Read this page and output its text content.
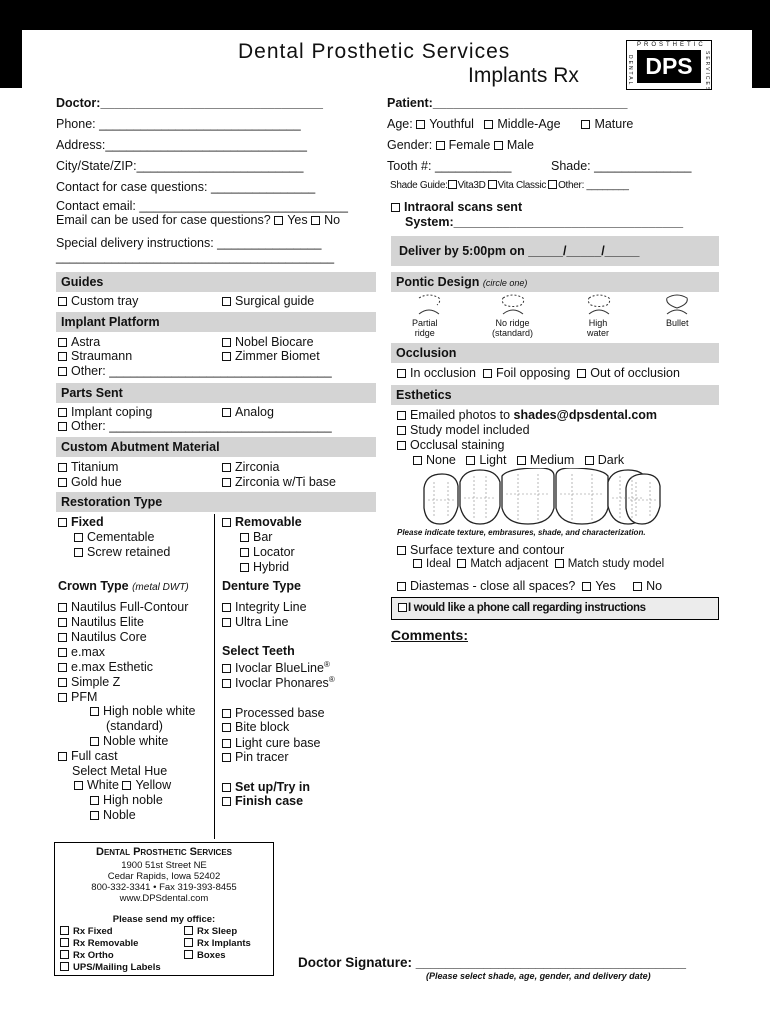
Dental Prosthetic Services
Implants Rx
PROSTHETIC
DPS
DENTAL	SERVICES
Doctor:________________________________
Phone: _____________________________
Address:_____________________________
City/State/ZIP:________________________
Contact for case questions: _______________
Contact email: ______________________________
Email can be used for case questions? Yes No
Special delivery instructions: _______________
________________________________________
Patient:____________________________
Age: Youthful Middle-Age	Mature
Gender: Female Male
Tooth #: ___________	Shade: ______________
Shade Guide: Vita3D Vita Classic Other: ________
Intraoral scans sent
System:_________________________________
Deliver by 5:00pm on _____/_____/_____
Guides
Custom tray	Surgical guide
Implant Platform
Astra	Nobel Biocare
Straumann	Zimmer Biomet
Other: ________________________________
Parts Sent
Implant coping	Analog
Other: ________________________________
Custom Abutment Material
Titanium	Zirconia
Gold hue	Zirconia w/Ti base
Restoration Type
Fixed
Cementable
Screw retained
Removable
Bar
Locator
Hybrid
Crown Type (metal DWT)
Nautilus Full-Contour
Nautilus Elite
Nautilus Core
e.max
e.max Esthetic
Simple Z
PFM
High noble white
(standard)
Noble white
Full cast
Select Metal Hue
White Yellow
High noble
Noble
Denture Type
Integrity Line
Ultra Line
Select Teeth
Ivoclar BlueLine®
Ivoclar Phonares®
Processed base
Bite block
Light cure base
Pin tracer
Set up/Try in
Finish case
Pontic Design (circle one)
Partial
ridge
No ridge
(standard)
High
water
Bullet
Occlusion
In occlusion Foil opposing Out of occlusion
Esthetics
Emailed photos to shades@dpsdental.com
Study model included
Occlusal staining
None Light Medium Dark
Please indicate texture, embrasures, shade, and characterization.
Surface texture and contour
Ideal Match adjacent Match study model
Diastemas - close all spaces? Yes No
I would like a phone call regarding instructions
Comments:
Dental Prosthetic Services
1900 51st Street NE
Cedar Rapids, Iowa 52402
800-332-3341 • Fax 319-393-8455
www.DPSdental.com
Please send my office:
Rx Fixed	Rx Sleep
Rx Removable	Rx Implants
Rx Ortho	Boxes
UPS/Mailing Labels	Doctor Signature: ____________________________________
(Please select shade, age, gender, and delivery date)
